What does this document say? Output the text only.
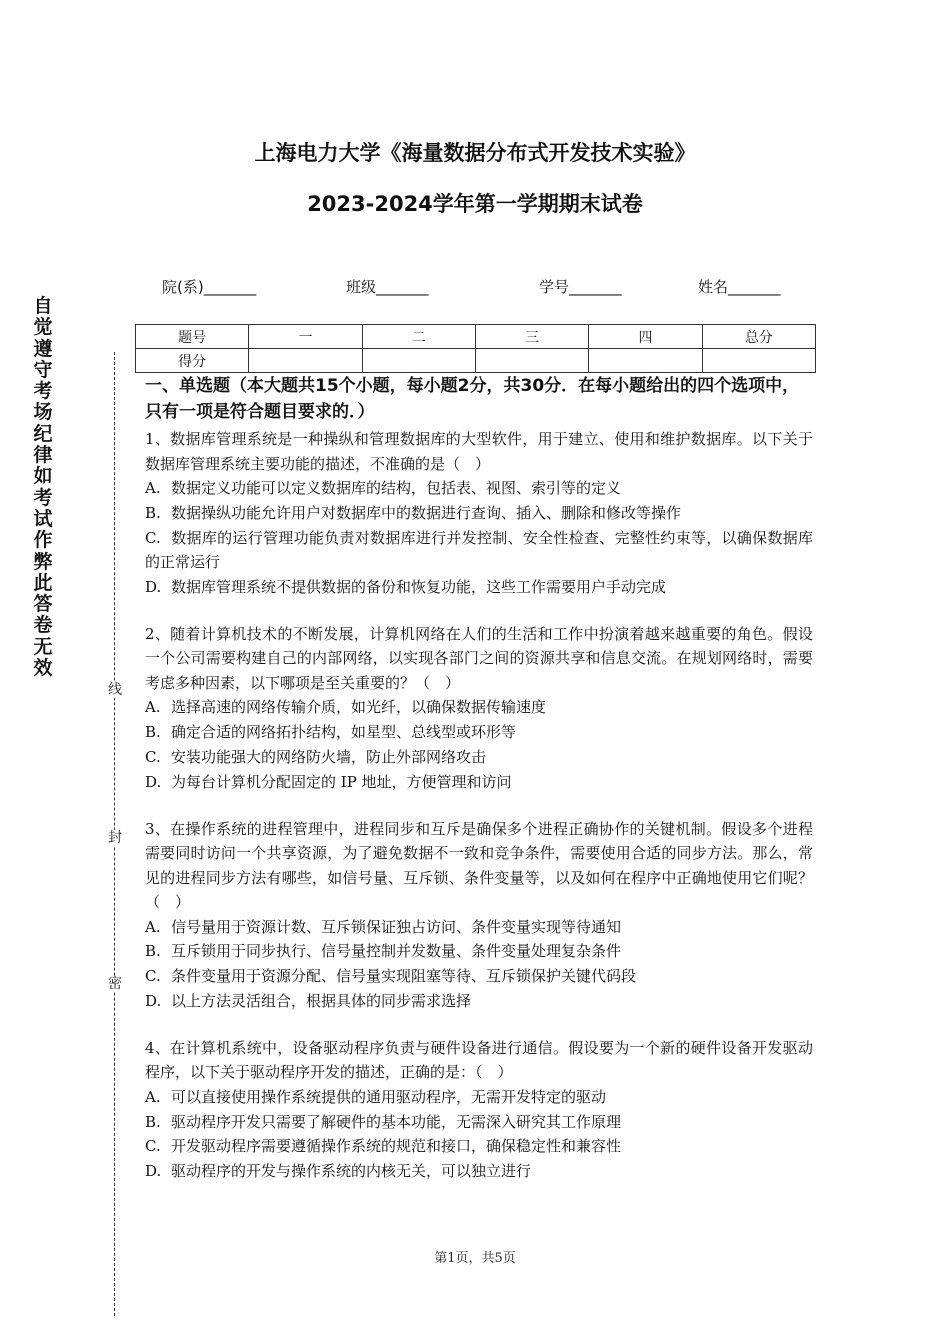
上海电力大学《海量数据分布式开发技术实验》
2023-2024学年第一学期期末试卷
院(系)_______	班级_______	学号_______	姓名_______
题号	一	二	三	四	总分
得分					
自
觉
遵
守
考
场
纪
律
如
考
试
作
弊
此
答
卷
无
效
线
封
密

一、单选题（本大题共15个小题，每小题2分，共30分．在每小题给出的四个选项中，只有一项是符合题目要求的．）

1、数据库管理系统是一种操纵和管理数据库的大型软件，用于建立、使用和维护数据库。以下关于数据库管理系统主要功能的描述，不准确的是（　）

A. 数据定义功能可以定义数据库的结构，包括表、视图、索引等的定义
B. 数据操纵功能允许用户对数据库中的数据进行查询、插入、删除和修改等操作
C. 数据库的运行管理功能负责对数据库进行并发控制、安全性检查、完整性约束等，以确保数据库的正常运行
D. 数据库管理系统不提供数据的备份和恢复功能，这些工作需要用户手动完成

2、随着计算机技术的不断发展，计算机网络在人们的生活和工作中扮演着越来越重要的角色。假设一个公司需要构建自己的内部网络，以实现各部门之间的资源共享和信息交流。在规划网络时，需要考虑多种因素，以下哪项是至关重要的？（　）

A. 选择高速的网络传输介质，如光纤，以确保数据传输速度
B. 确定合适的网络拓扑结构，如星型、总线型或环形等
C. 安装功能强大的网络防火墙，防止外部网络攻击
D. 为每台计算机分配固定的 IP 地址，方便管理和访问

3、在操作系统的进程管理中，进程同步和互斥是确保多个进程正确协作的关键机制。假设多个进程需要同时访问一个共享资源，为了避免数据不一致和竞争条件，需要使用合适的同步方法。那么，常见的进程同步方法有哪些，如信号量、互斥锁、条件变量等，以及如何在程序中正确地使用它们呢？（　）

A. 信号量用于资源计数、互斥锁保证独占访问、条件变量实现等待通知
B. 互斥锁用于同步执行、信号量控制并发数量、条件变量处理复杂条件
C. 条件变量用于资源分配、信号量实现阻塞等待、互斥锁保护关键代码段
D. 以上方法灵活组合，根据具体的同步需求选择

4、在计算机系统中，设备驱动程序负责与硬件设备进行通信。假设要为一个新的硬件设备开发驱动程序，以下关于驱动程序开发的描述，正确的是：（　）

A. 可以直接使用操作系统提供的通用驱动程序，无需开发特定的驱动
B. 驱动程序开发只需要了解硬件的基本功能，无需深入研究其工作原理
C. 开发驱动程序需要遵循操作系统的规范和接口，确保稳定性和兼容性
D. 驱动程序的开发与操作系统的内核无关，可以独立进行
第1页，共5页
